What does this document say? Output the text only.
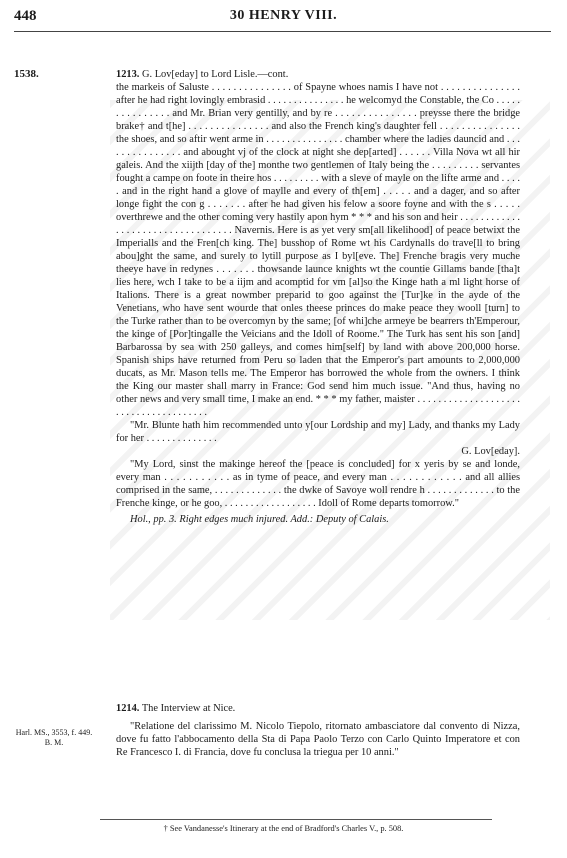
448	30 HENRY VIII.
1538.	1213. G. Lov[eday] to Lord Lisle.—cont.

the markeis of Saluste . . . . . . . . . . . . . . . of Spayne whoes namis I have not . . . . . . . . . . . . . . . after he had right lovingly embrasid . . . . . . . . . . . . . . . he welcomyd the Constable, the Co . . . . . . . . . . . . . . . and Mr. Brian very gentilly, and by re . . . . . . . . . . . . . . . preysse there the bridge brake† and t[he] . . . . . . . . . . . . . . . and also the French king's daughter fell . . . . . . . . . . . . . . . the shoes, and so aftir went arme in . . . . . . . . . . . . . . . chamber where the ladies dauncid and . . . . . . . . . . . . . . . and abought vj of the clock at night she dep[arted] . . . . . . Villa Nova wt all hir galeis. And the xiijth [day of the] monthe two gentlemen of Italy being the . . . . . . . . . servantes fought a campe on foote in theire hos . . . . . . . . . with a sleve of mayle on the lifte arme and . . . . . and in the right hand a glove of maylle and every of th[em] . . . . . and a dager, and so after longe fight the con g . . . . . . . after he had given his felow a soore foyne and with the s . . . . . overthrewe and the other coming very hastily apon hym * * * and his son and heir . . . . . . . . . . . . . . . . . . . . . . . . . . . . . . . . . . Navernis. Here is as yet very sm[all likelihood] of peace betwixt the Imperialls and the Fren[ch king. The] busshop of Rome wt his Cardynalls do trave[ll to bring abou]ght the same, and surely to lytill purpose as I byl[eve. The] Frenche bragis very muche theeye have in redynes . . . . . . . thowsande launce knights wt the countie Gillams bande [tha]t lies here, wch I take to be a iijm and acomptid for vm [al]so the Kinge hath a ml light horse of Italions. There is a great nowmber preparid to goo against the [Tur]ke in the ayde of the Venetians, who have sent wourde that onles theese princes do make peace they wooll [turn] to the Turke rather than to be overcomyn by the same; [of whi]che armeye be bearrers th'Emperour, the kinge of [Por]tingalle the Veicians and the Idoll of Roome." The Turk has sent his son [and] Barbarossa by sea with 250 galleys, and comes him[self] by land with above 200,000 horse. Spanish ships have returned from Peru so laden that the Emperor's part amounts to 2,000,000 ducats, as Mr. Mason tells me. The Emperor has borrowed the whole from the owners. I think the King our master shall marry in France: God send him much issue. "And thus, having no other news and very small time, I make an end. * * * my father, maister . . . . . . . . . . . . . . . . . . . . . . . . . . . . . . . . . . . . . .

"Mr. Blunte hath him recommended unto y[our Lordship and my] Lady, and thanks my Lady for her . . . . . . . . . . . . . .

G. Lov[eday].

"My Lord, sinst the makinge hereof the [peace is concluded] for x yeris by se and londe, every man . . . . . . . . . . . as in tyme of peace, and every man . . . . . . . . . . . . and all allies comprised in the same, . . . . . . . . . . . . . the dwke of Savoye woll rendre h . . . . . . . . . . . . . to the Frenche kinge, or he goo, . . . . . . . . . . . . . . . . . . Idoll of Rome departs tomorrow."

Hol., pp. 3. Right edges much injured. Add.: Deputy of Calais.

1214. The Interview at Nice.

"Relatione del clarissimo M. Nicolo Tiepolo, ritornato ambasciatore dal convento di Nizza, dove fu fatto l'abbocamento della Sta di Papa Paolo Terzo con Carlo Quinto Imperatore et con Re Francesco I. di Francia, dove fu conclusa la triegua per 10 anni."

Harl. MS., 3553, f. 449. B. M.
† See Vandanesse's Itinerary at the end of Bradford's Charles V., p. 508.
